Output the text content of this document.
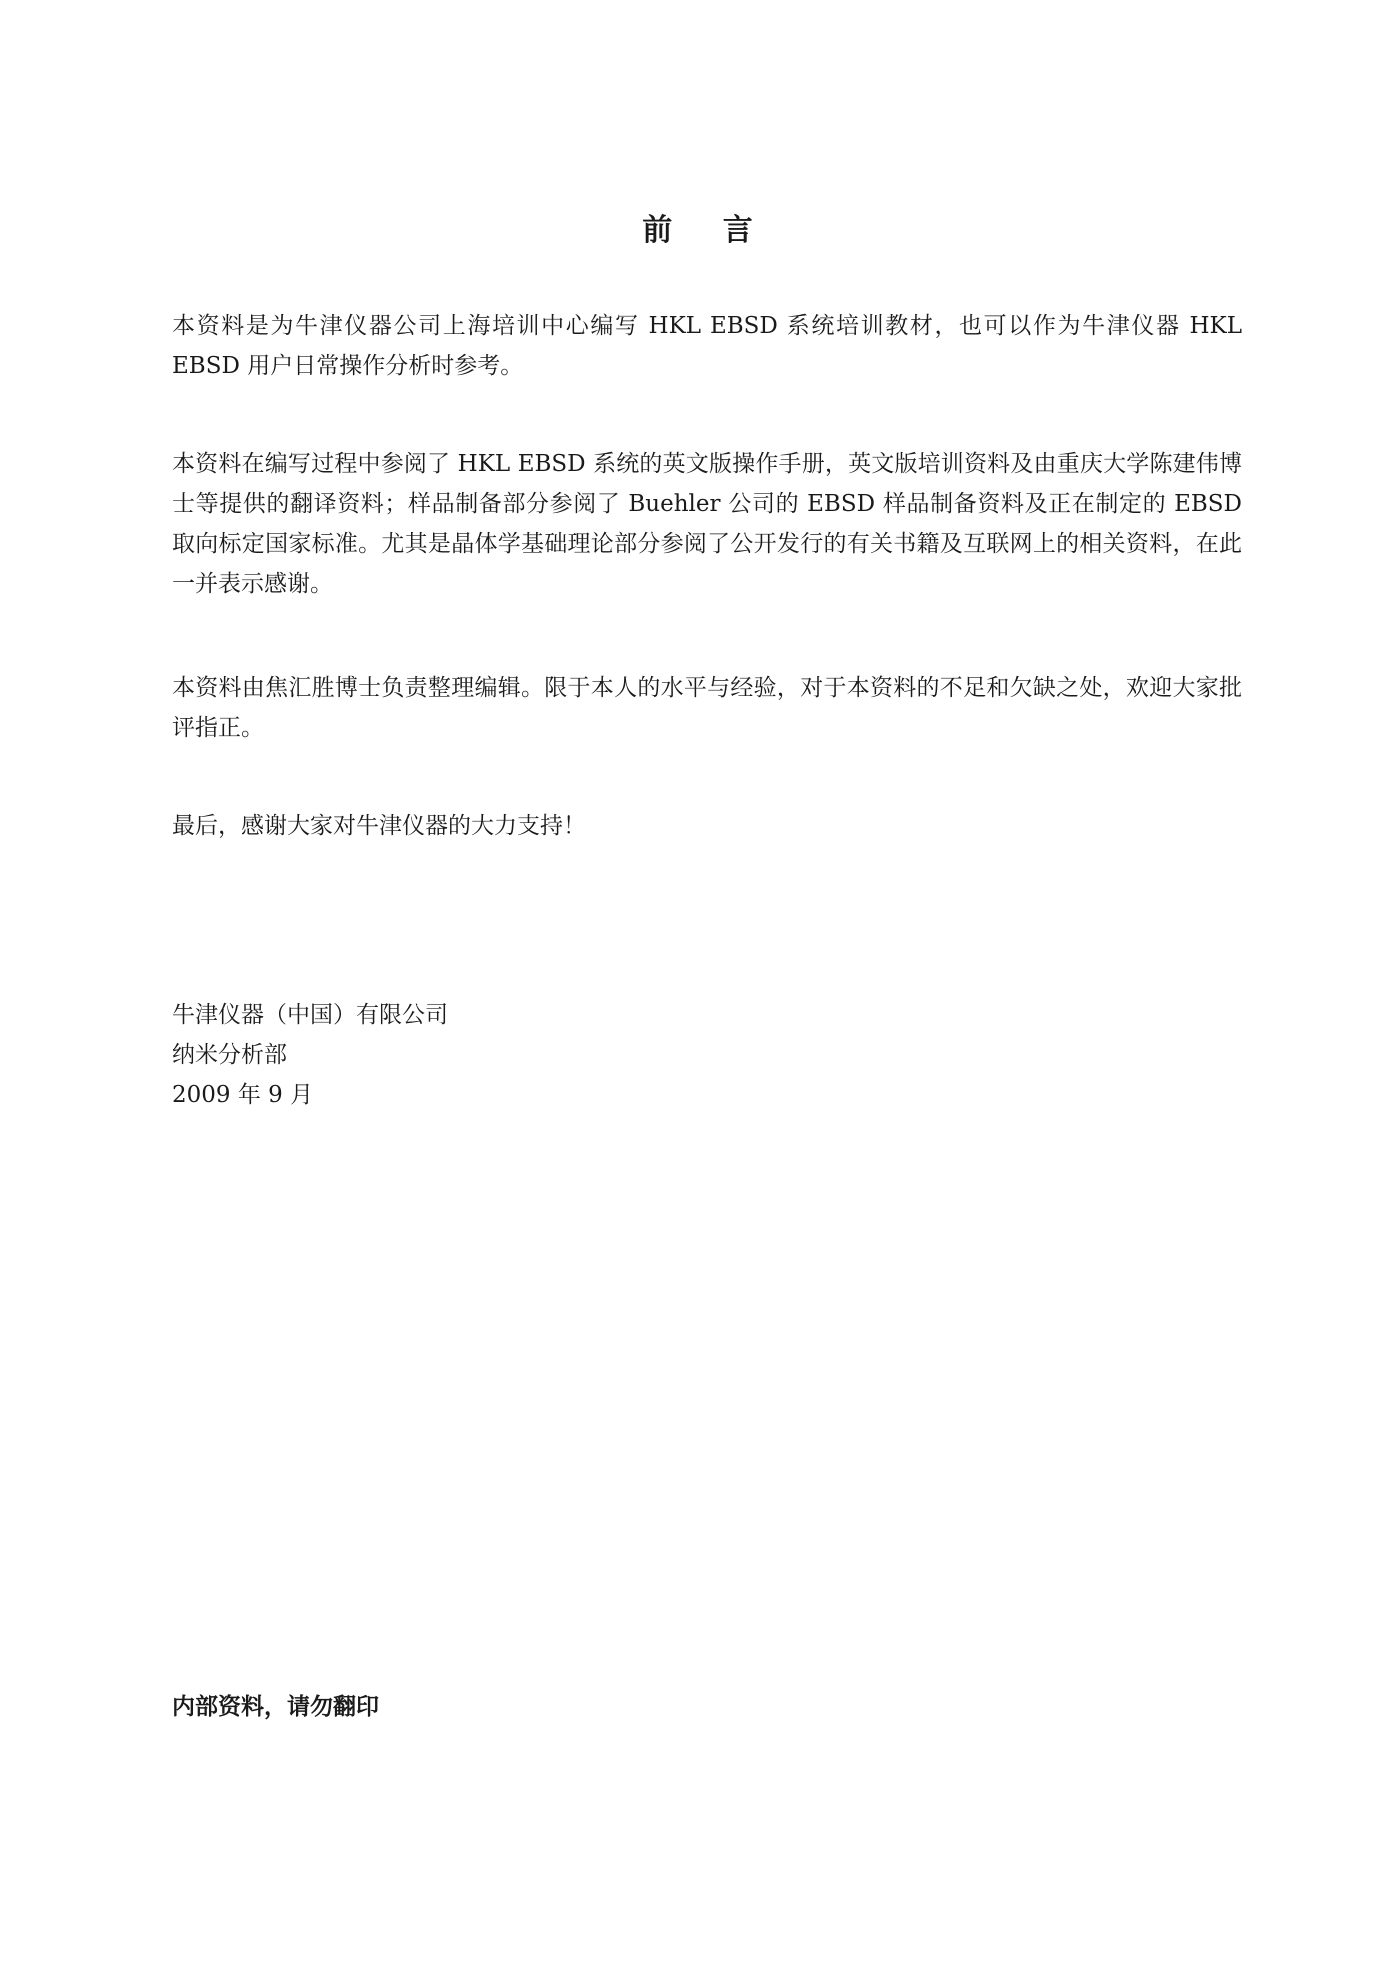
前 言

本资料是为牛津仪器公司上海培训中心编写 HKL EBSD 系统培训教材，也可以作为牛津仪器 HKL EBSD 用户日常操作分析时参考。

本资料在编写过程中参阅了 HKL EBSD 系统的英文版操作手册，英文版培训资料及由重庆大学陈建伟博士等提供的翻译资料；样品制备部分参阅了 Buehler 公司的 EBSD 样品制备资料及正在制定的 EBSD 取向标定国家标准。尤其是晶体学基础理论部分参阅了公开发行的有关书籍及互联网上的相关资料，在此一并表示感谢。

本资料由焦汇胜博士负责整理编辑。限于本人的水平与经验，对于本资料的不足和欠缺之处，欢迎大家批评指正。

最后，感谢大家对牛津仪器的大力支持！

牛津仪器（中国）有限公司
纳米分析部
2009 年 9 月
内部资料，请勿翻印
